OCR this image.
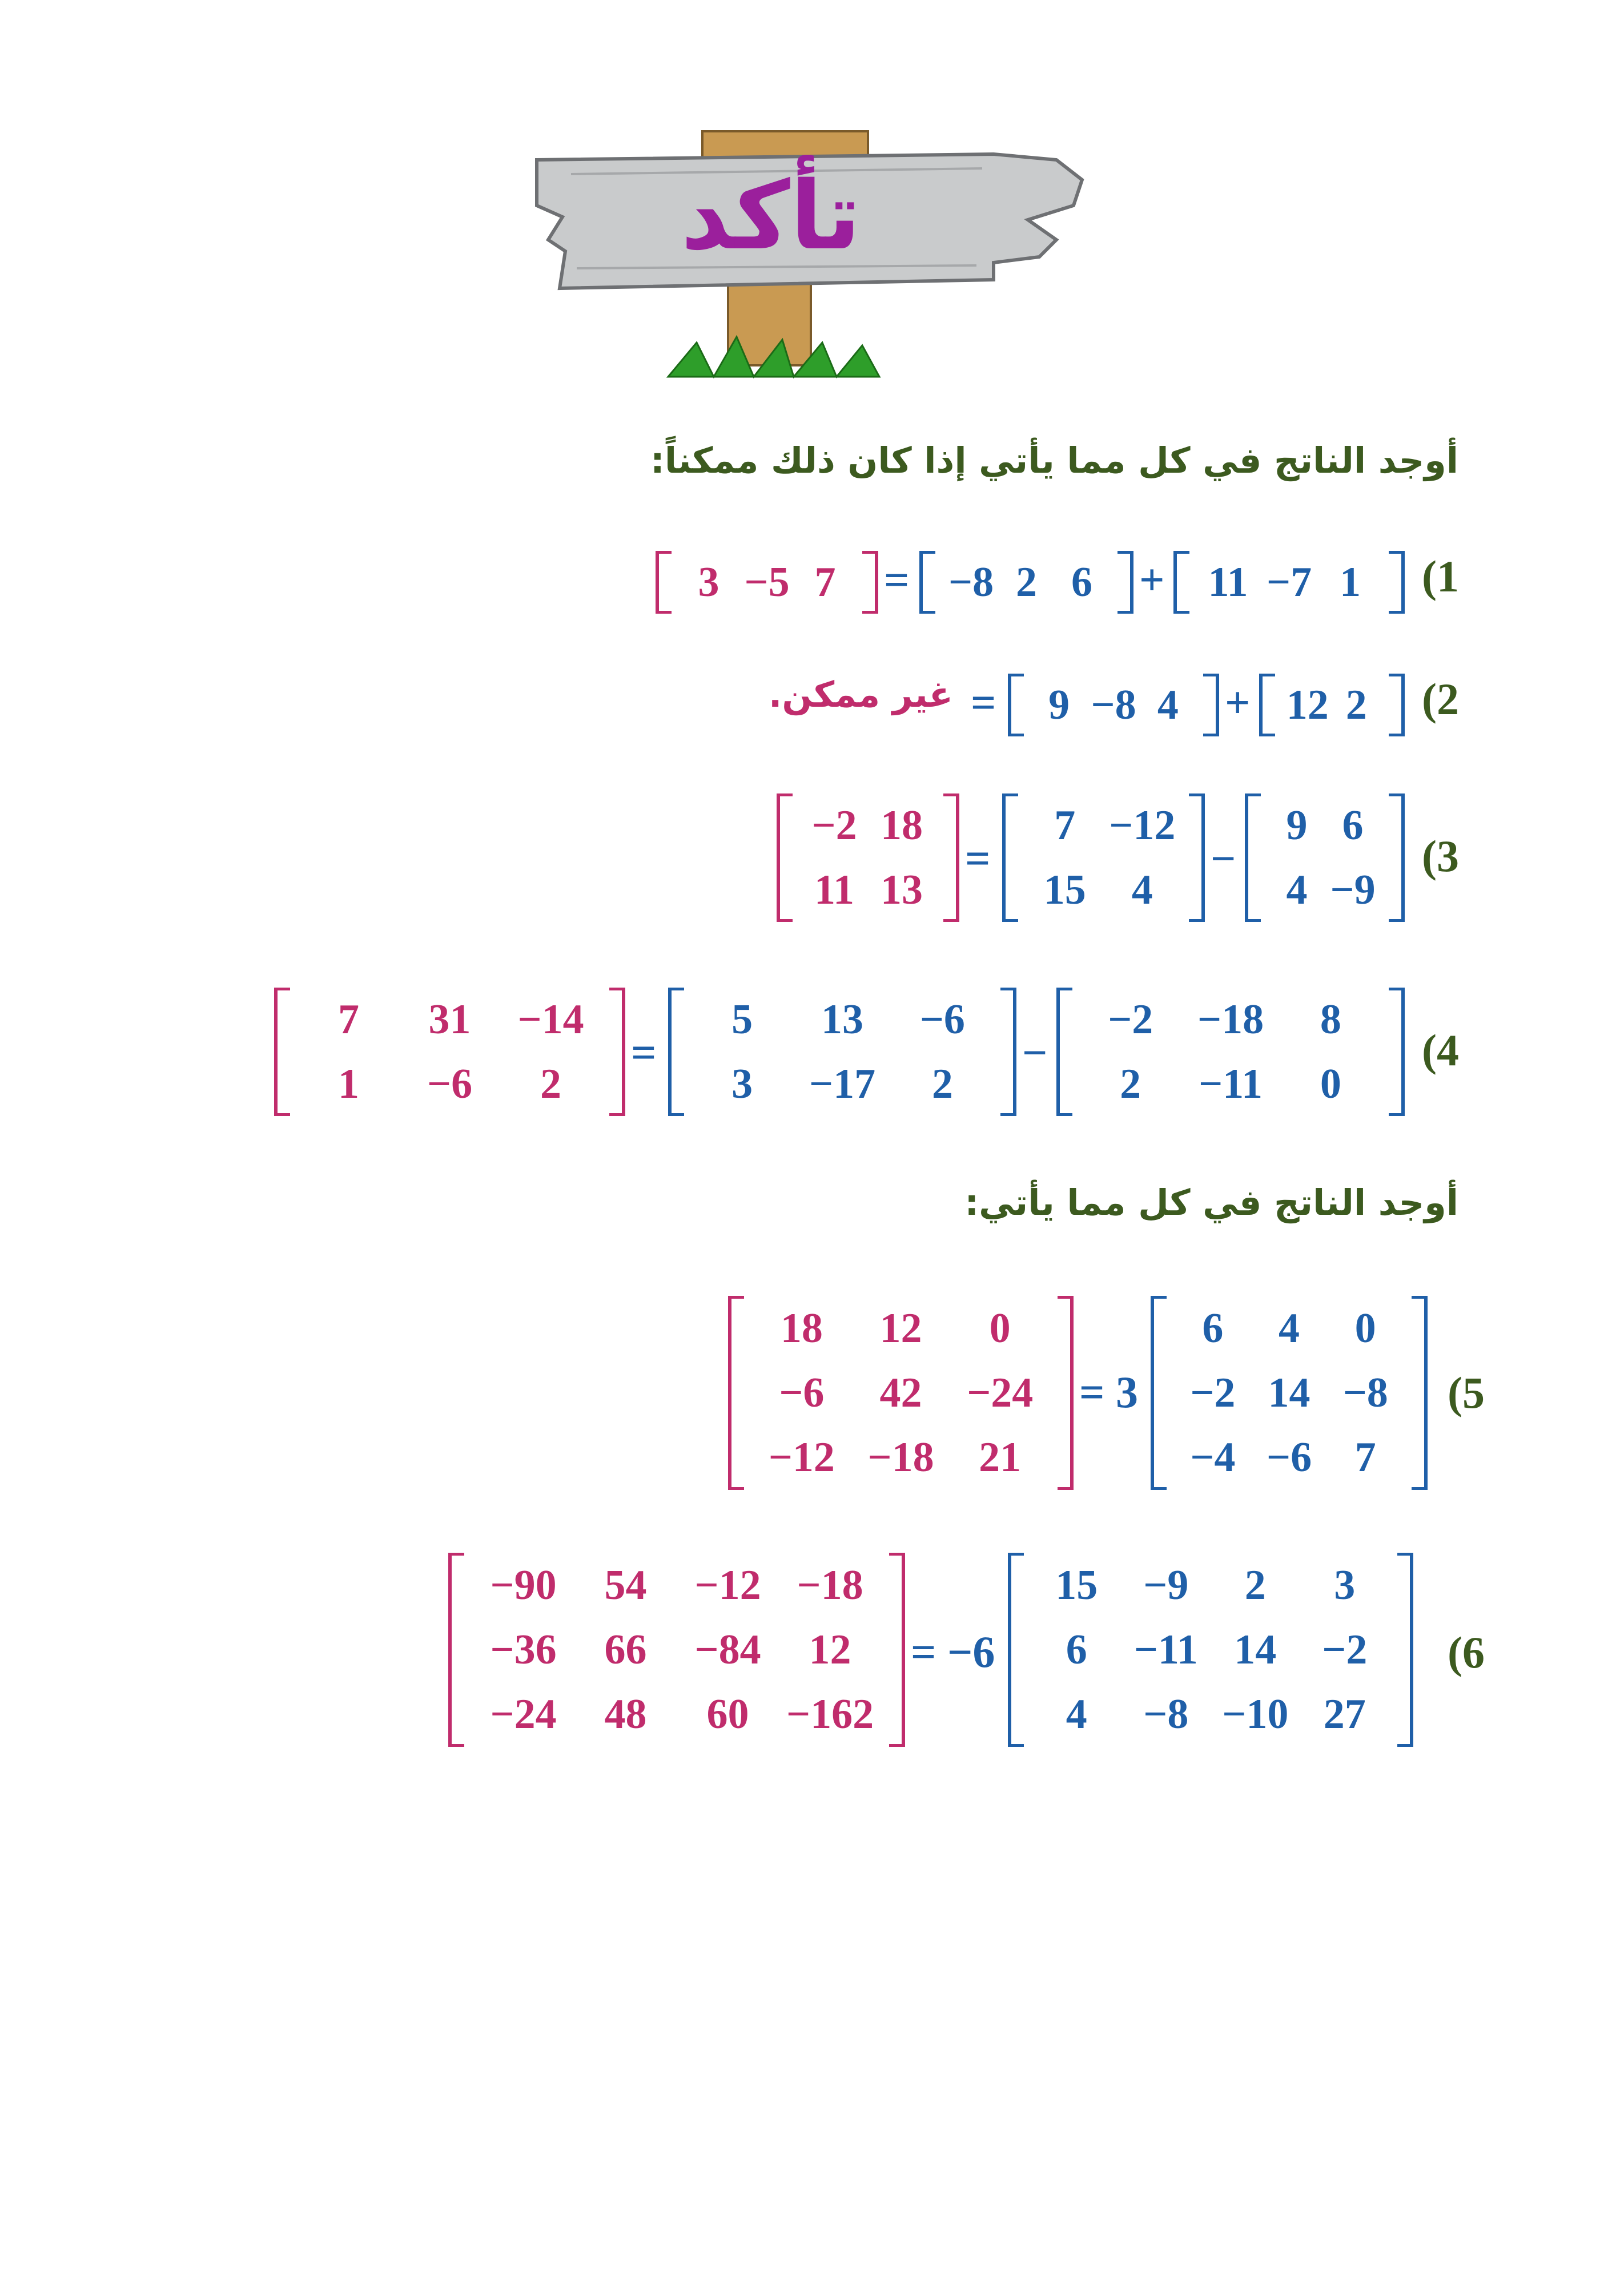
تأكد
أوجد الناتج في كل مما يأتي إذا كان ذلك ممكناً:
(1
11 −7 1
+
−8 2 6
=
3 −5 7
(2
12 2
+
9 −8 4
=
غير ممكن.
(3
9 6
4 −9
−
7 −12
15 4
=
−2 18
11 13
(4
−2 −18 8
2 −11 0
−
5 13 −6
3 −17 2
=
7 31 −14
1 −6 2
أوجد الناتج في كل مما يأتي:
(5
6 4 0
−2 14 −8
−4 −6 7
= 3
18 12 0
−6 42 −24
−12 −18 21
(6
15 −9 2 3
6 −11 14 −2
4 −8 −10 27
= −6
−90 54 −12 −18
−36 66 −84 12
−24 48 60 −162
